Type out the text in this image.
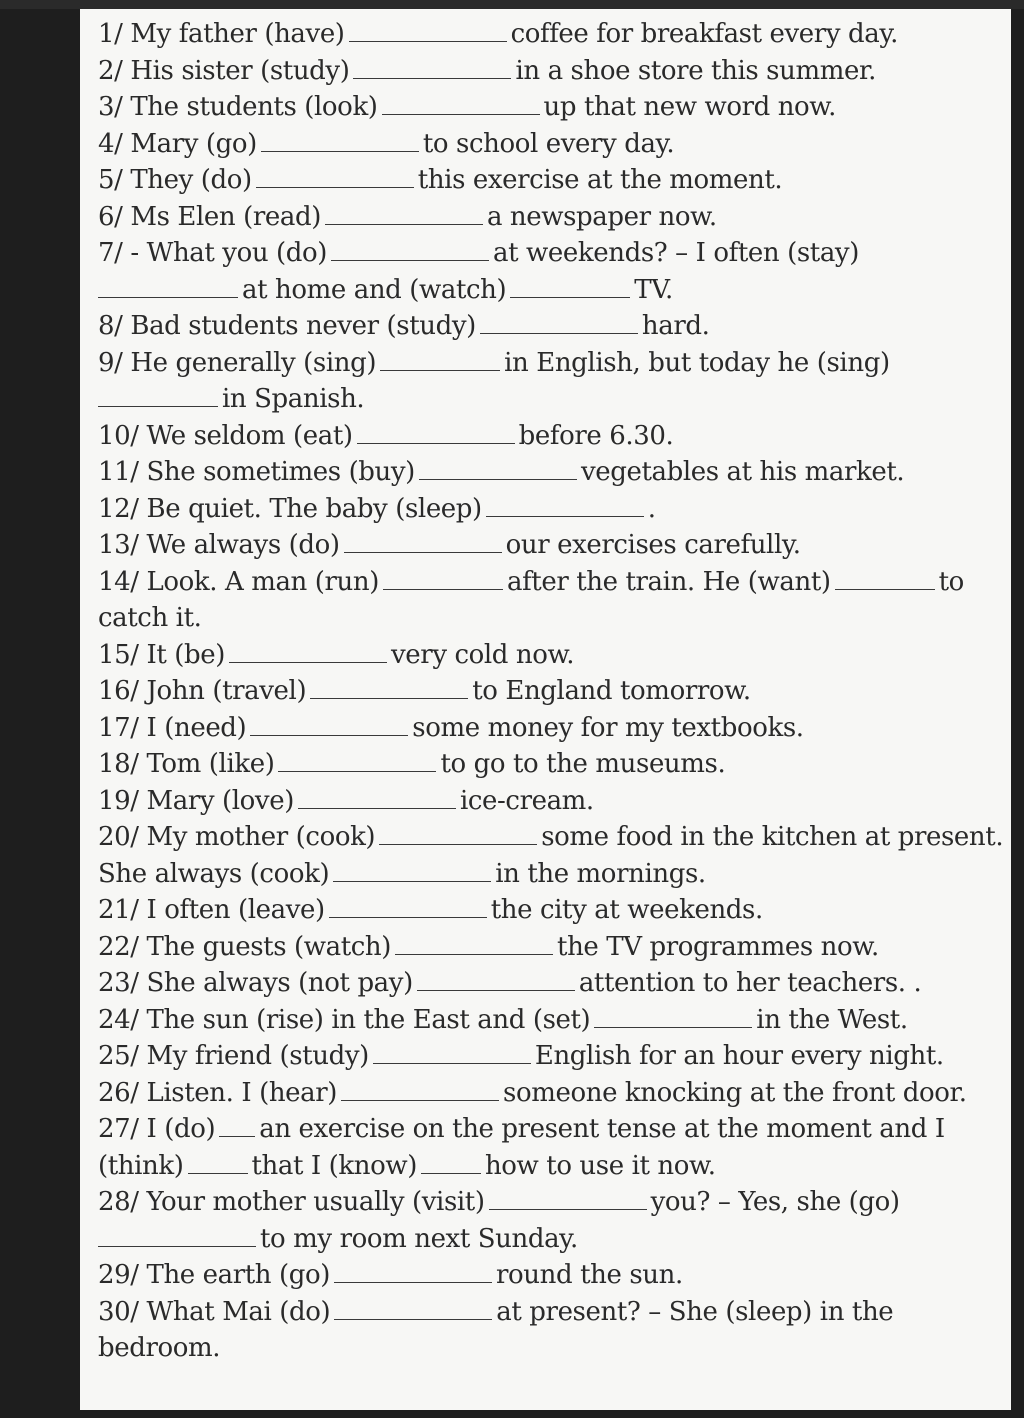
1/ My father (have)	coffee for breakfast every day.
2/ His sister (study)	in a shoe store this summer.
3/ The students (look)	up that new word now.
4/ Mary (go)	to school every day.
5/ They (do)	this exercise at the moment.
6/ Ms Elen (read)	a newspaper now.
7/ - What you (do)	at weekends? – I often (stay)
at home and (watch)	TV.
8/ Bad students never (study)	hard.
9/ He generally (sing)	in English, but today he (sing)
in Spanish.
10/ We seldom (eat)	before 6.30.
11/ She sometimes (buy)	vegetables at his market.
12/ Be quiet. The baby (sleep)	.
13/ We always (do)	our exercises carefully.
14/ Look. A man (run)	after the train. He (want)	to
catch it.
15/ It (be)	very cold now.
16/ John (travel)	to England tomorrow.
17/ I (need)	some money for my textbooks.
18/ Tom (like)	to go to the museums.
19/ Mary (love)	ice-cream.
20/ My mother (cook)	some food in the kitchen at present.
She always (cook)	in the mornings.
21/ I often (leave)	the city at weekends.
22/ The guests (watch)	the TV programmes now.
23/ She always (not pay)	attention to her teachers. .
24/ The sun (rise) in the East and (set)	in the West.
25/ My friend (study)	English for an hour every night.
26/ Listen. I (hear)	someone knocking at the front door.
27/ I (do) an exercise on the present tense at the moment and I
(think)	that I (know)	how to use it now.
28/ Your mother usually (visit)	you? – Yes, she (go)
to my room next Sunday.
29/ The earth (go)	round the sun.
30/ What Mai (do)	at present? – She (sleep) in the
bedroom.
